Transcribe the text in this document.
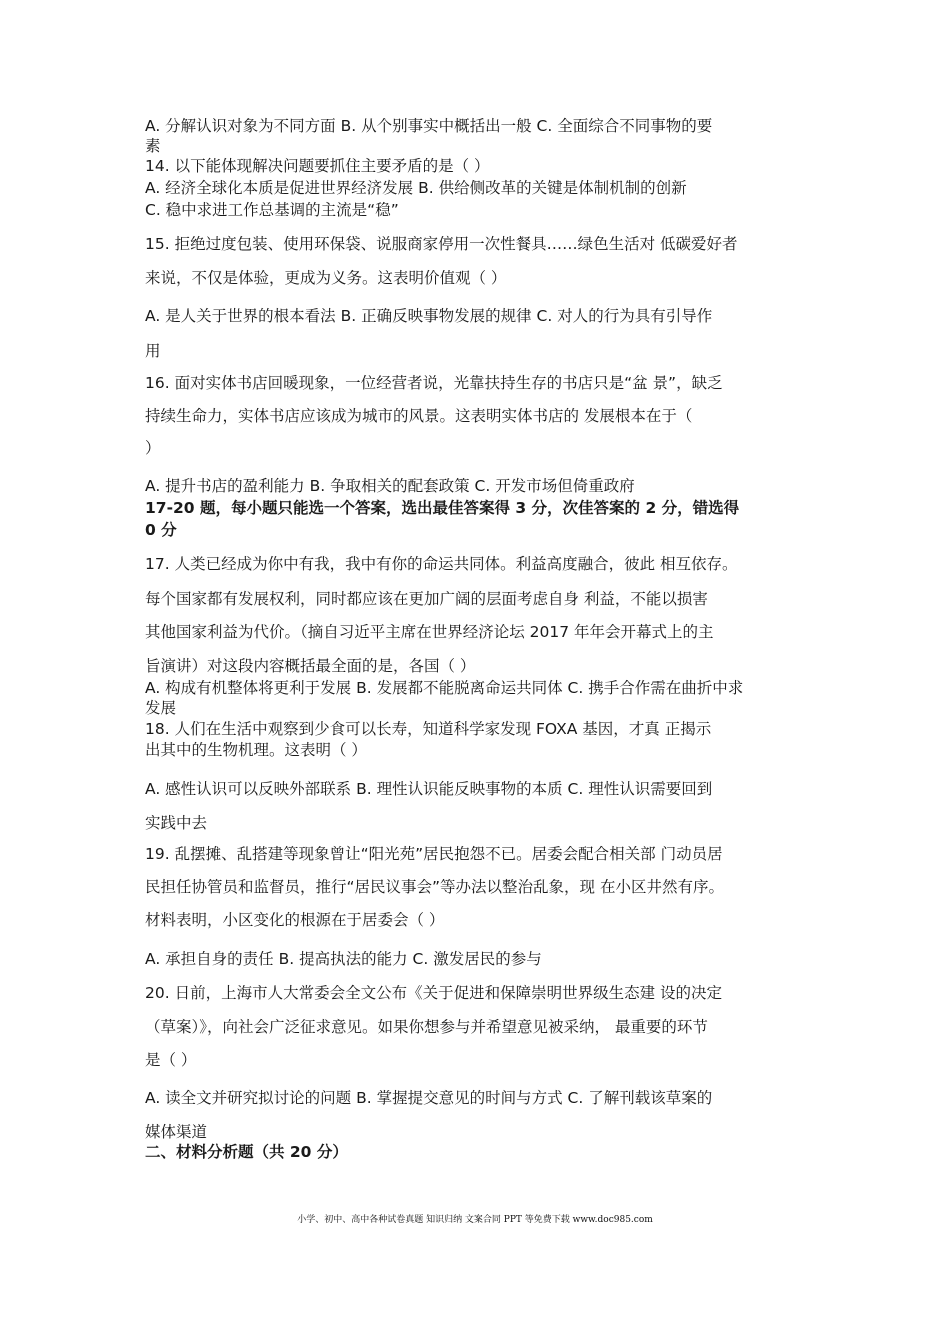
A. 分解认识对象为不同方面 B. 从个别事实中概括出一般 C. 全面综合不同事物的要

素

14. 以下能体现解决问题要抓住主要矛盾的是（ ）

A. 经济全球化本质是促进世界经济发展 B. 供给侧改革的关键是体制机制的创新

C. 稳中求进工作总基调的主流是“稳”

15. 拒绝过度包装、使用环保袋、说服商家停用一次性餐具……绿色生活对 低碳爱好者

来说，不仅是体验，更成为义务。这表明价值观（ ）

A. 是人关于世界的根本看法 B. 正确反映事物发展的规律 C. 对人的行为具有引导作

用

16. 面对实体书店回暖现象，一位经营者说，光靠扶持生存的书店只是“盆 景”，缺乏

持续生命力，实体书店应该成为城市的风景。这表明实体书店的 发展根本在于（

）

A. 提升书店的盈利能力 B. 争取相关的配套政策 C. 开发市场但倚重政府

17-20 题，每小题只能选一个答案，选出最佳答案得 3 分，次佳答案的 2 分，错选得

0 分

17. 人类已经成为你中有我，我中有你的命运共同体。利益高度融合，彼此 相互依存。

每个国家都有发展权利，同时都应该在更加广阔的层面考虑自身 利益，不能以损害

其他国家利益为代价。（摘自习近平主席在世界经济论坛 2017 年年会开幕式上的主

旨演讲）对这段内容概括最全面的是，各国（ ）

A. 构成有机整体将更利于发展 B. 发展都不能脱离命运共同体 C. 携手合作需在曲折中求

发展

18. 人们在生活中观察到少食可以长寿，知道科学家发现 FOXA 基因，才真 正揭示

出其中的生物机理。这表明（ ）

A. 感性认识可以反映外部联系 B. 理性认识能反映事物的本质 C. 理性认识需要回到

实践中去

19. 乱摆摊、乱搭建等现象曾让“阳光苑”居民抱怨不已。居委会配合相关部 门动员居

民担任协管员和监督员，推行“居民议事会”等办法以整治乱象，现 在小区井然有序。

材料表明，小区变化的根源在于居委会（ ）

A. 承担自身的责任 B. 提高执法的能力 C. 激发居民的参与

20. 日前，上海市人大常委会全文公布《关于促进和保障崇明世界级生态建 设的决定

（草案）》，向社会广泛征求意见。如果你想参与并希望意见被采纳， 最重要的环节

是（ ）

A. 读全文并研究拟讨论的问题 B. 掌握提交意见的时间与方式 C. 了解刊载该草案的

媒体渠道

二、材料分析题（共 20 分）

小学、初中、高中各种试卷真题 知识归纳 文案合同 PPT 等免费下载 www.doc985.com
